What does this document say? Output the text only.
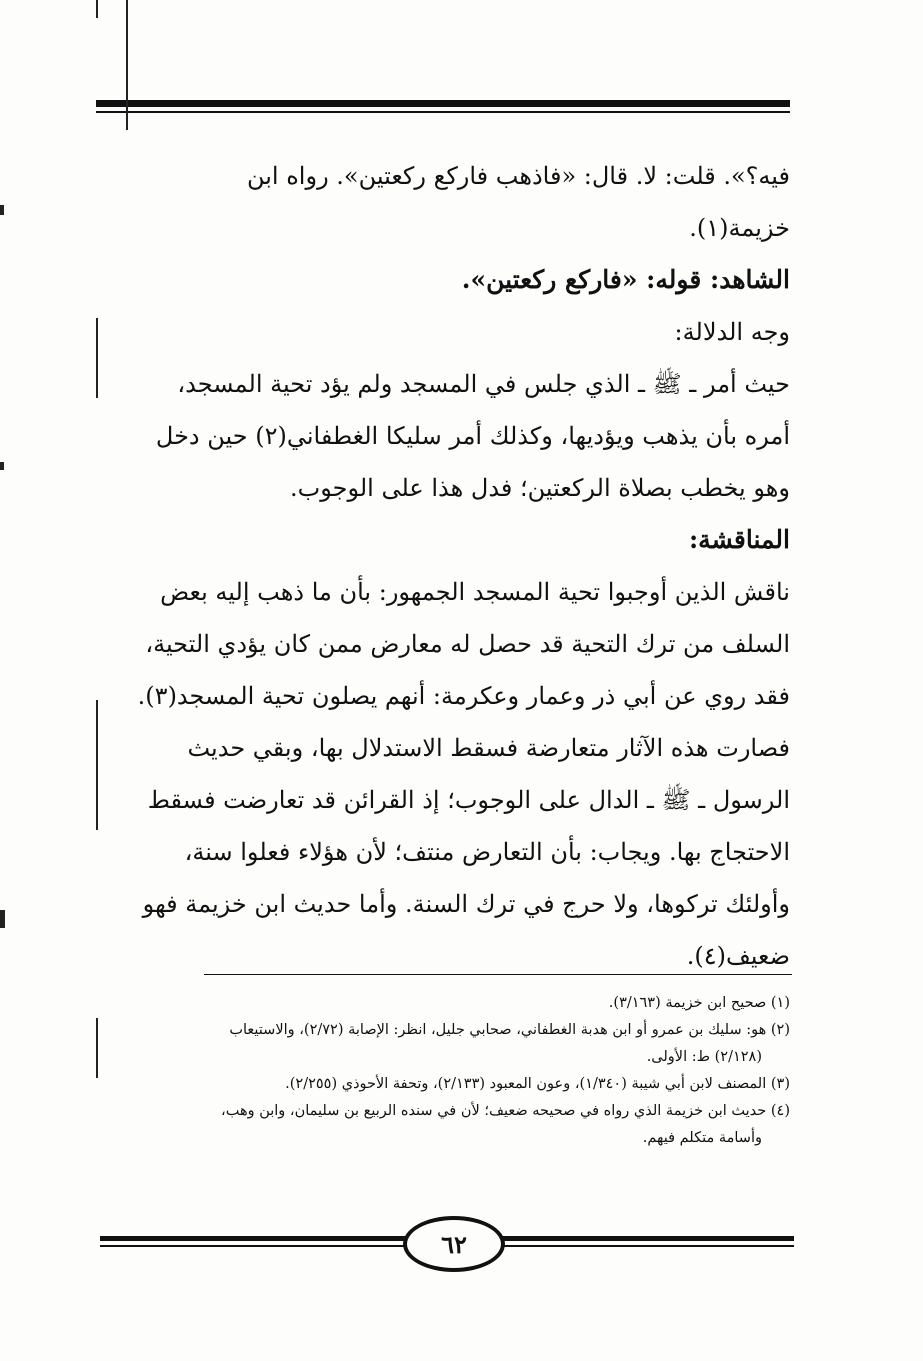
فيه؟». قلت: لا. قال: «فاذهب فاركع ركعتين». رواه ابن
خزيمة(١).
الشاهد: قوله: «فاركع ركعتين».
وجه الدلالة:
حيث أمر ـ ﷺ ـ الذي جلس في المسجد ولم يؤد تحية المسجد،
أمره بأن يذهب ويؤديها، وكذلك أمر سليكا الغطفاني(٢) حين دخل
وهو يخطب بصلاة الركعتين؛ فدل هذا على الوجوب.
المناقشة:
ناقش الذين أوجبوا تحية المسجد الجمهور: بأن ما ذهب إليه بعض
السلف من ترك التحية قد حصل له معارض ممن كان يؤدي التحية،
فقد روي عن أبي ذر وعمار وعكرمة: أنهم يصلون تحية المسجد(٣).
فصارت هذه الآثار متعارضة فسقط الاستدلال بها، وبقي حديث
الرسول ـ ﷺ ـ الدال على الوجوب؛ إذ القرائن قد تعارضت فسقط
الاحتجاج بها. ويجاب: بأن التعارض منتف؛ لأن هؤلاء فعلوا سنة،
وأولئك تركوها، ولا حرج في ترك السنة. وأما حديث ابن خزيمة فهو
ضعيف(٤).
(١) صحيح ابن خزيمة (٣/١٦٣).
(٢) هو: سليك بن عمرو أو ابن هدبة الغطفاني، صحابي جليل، انظر: الإصابة (٢/٧٢)، والاستيعاب
(٢/١٢٨) ط: الأولى.
(٣) المصنف لابن أبي شيبة (١/٣٤٠)، وعون المعبود (٢/١٣٣)، وتحفة الأحوذي (٢/٢٥٥).
(٤) حديث ابن خزيمة الذي رواه في صحيحه ضعيف؛ لأن في سنده الربيع بن سليمان، وابن وهب،
وأسامة متكلم فيهم.
٦٢
